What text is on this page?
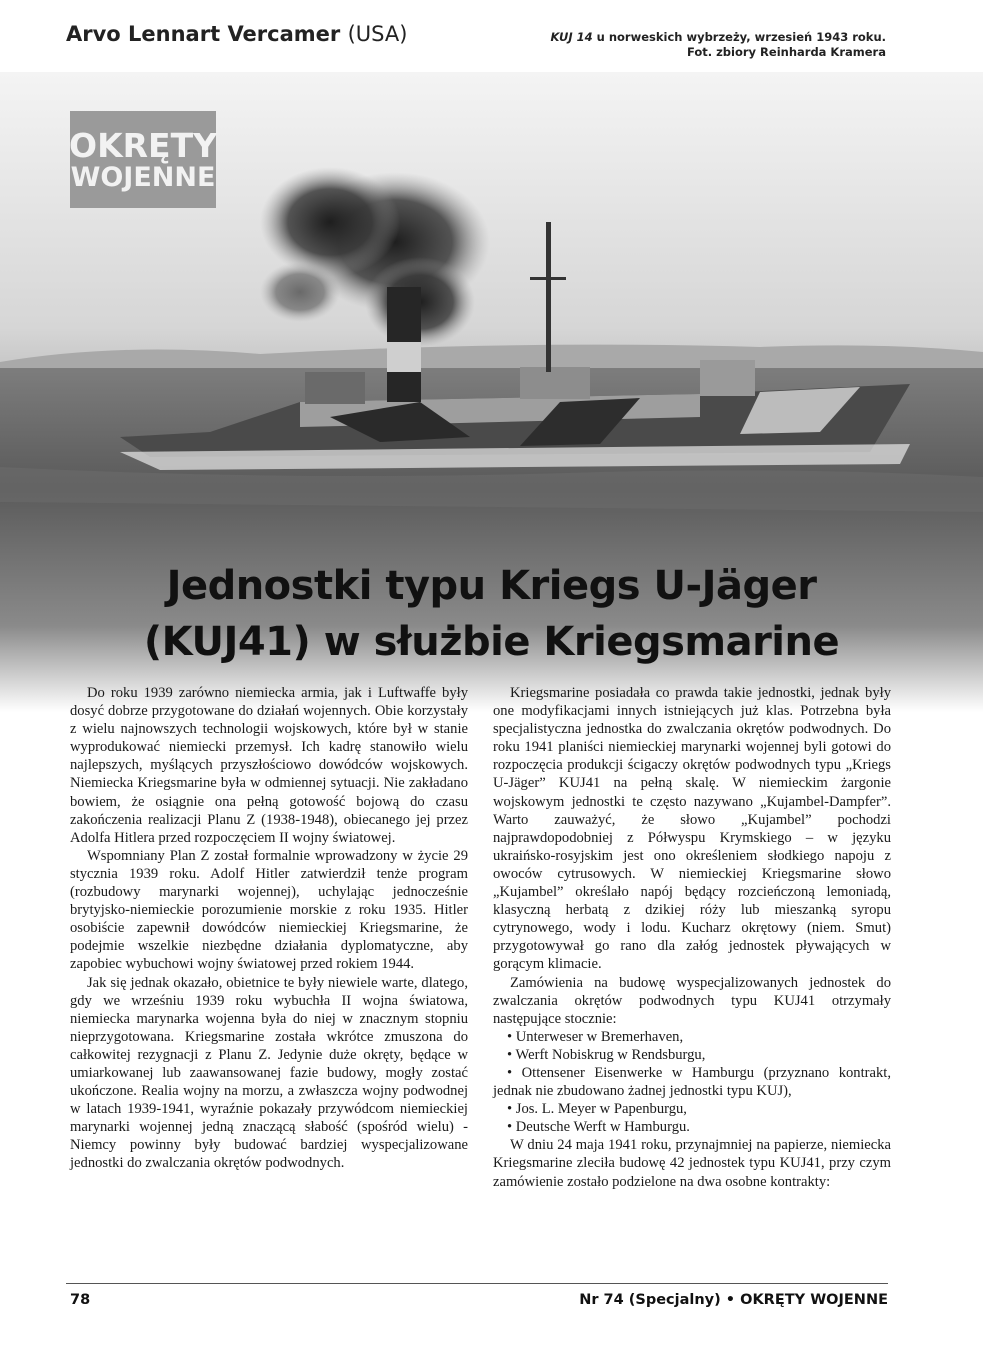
Arvo Lennart Vercamer (USA)	KUJ 14 u norweskich wybrzeży, wrzesień 1943 roku.
Fot. zbiory Reinharda Kramera
OKRĘTY
WOJENNE
Jednostki typu Kriegs U-Jäger
(KUJ41) w służbie Kriegsmarine

Do roku 1939 zarówno niemiecka armia, jak i Luftwaffe były dosyć dobrze przygotowane do działań wojennych. Obie korzystały z wielu najnowszych technologii wojskowych, które był w stanie wyprodukować niemiecki przemysł. Ich kadrę stanowiło wielu najlepszych, myślących przyszłościowo dowódców wojskowych. Niemiecka Kriegsmarine była w odmiennej sytuacji. Nie zakładano bowiem, że osiągnie ona pełną gotowość bojową do czasu zakończenia realizacji Planu Z (1938-1948), obiecanego jej przez Adolfa Hitlera przed rozpoczęciem II wojny światowej.

Wspomniany Plan Z został formalnie wprowadzony w życie 29 stycznia 1939 roku. Adolf Hitler zatwierdził tenże program (rozbudowy marynarki wojennej), uchylając jednocześnie brytyjsko-niemieckie porozumienie morskie z roku 1935. Hitler osobiście zapewnił dowódców niemieckiej Kriegsmarine, że podejmie wszelkie niezbędne działania dyplomatyczne, aby zapobiec wybuchowi wojny światowej przed rokiem 1944.

Jak się jednak okazało, obietnice te były niewiele warte, dlatego, gdy we wrześniu 1939 roku wybuchła II wojna światowa, niemiecka marynarka wojenna była do niej w znacznym stopniu nieprzygotowana. Kriegsmarine została wkrótce zmuszona do całkowitej rezygnacji z Planu Z. Jedynie duże okręty, będące w umiarkowanej lub zaawansowanej fazie budowy, mogły zostać ukończone. Realia wojny na morzu, a zwłaszcza wojny podwodnej w latach 1939-1941, wyraźnie pokazały przywódcom niemieckiej marynarki wojennej jedną znaczącą słabość (spośród wielu) - Niemcy powinny były budować bardziej wyspecjalizowane jednostki do zwalczania okrętów podwodnych.

Kriegsmarine posiadała co prawda takie jednostki, jednak były one modyfikacjami innych istniejących już klas. Potrzebna była specjalistyczna jednostka do zwalczania okrętów podwodnych. Do roku 1941 planiści niemieckiej marynarki wojennej byli gotowi do rozpoczęcia produkcji ścigaczy okrętów podwodnych typu „Kriegs U-Jäger” KUJ41 na pełną skalę. W niemieckim żargonie wojskowym jednostki te często nazywano „Kujambel-Dampfer”. Warto zauważyć, że słowo „Kujambel” pochodzi najprawdopodobniej z Półwyspu Krymskiego – w języku ukraińsko-rosyjskim jest ono określeniem słodkiego napoju z owoców cytrusowych. W niemieckiej Kriegsmarine słowo „Kujambel” określało napój będący rozcieńczoną lemoniadą, klasyczną herbatą z dzikiej róży lub mieszanką syropu cytrynowego, wody i lodu. Kucharz okrętowy (niem. Smut) przygotowywał go rano dla załóg jednostek pływających w gorącym klimacie.

Zamówienia na budowę wyspecjalizowanych jednostek do zwalczania okrętów podwodnych typu KUJ41 otrzymały następujące stocznie:

• Unterweser w Bremerhaven,
• Werft Nobiskrug w Rendsburgu,
• Ottensener Eisenwerke w Hamburgu (przyznano kontrakt, jednak nie zbudowano żadnej jednostki typu KUJ),
• Jos. L. Meyer w Papenburgu,
• Deutsche Werft w Hamburgu.

W dniu 24 maja 1941 roku, przynajmniej na papierze, niemiecka Kriegsmarine zleciła budowę 42 jednostek typu KUJ41, przy czym zamówienie zostało podzielone na dwa osobne kontrakty:

78	Nr 74 (Specjalny) • OKRĘTY WOJENNE
